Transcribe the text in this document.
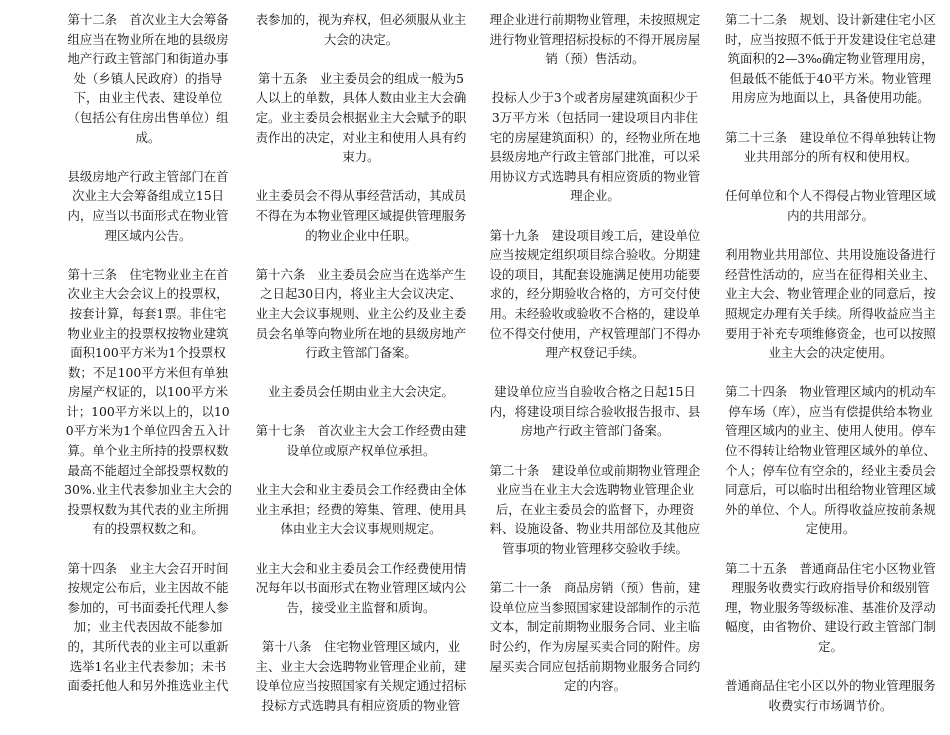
第十二条　首次业主大会筹备组应当在物业所在地的县级房地产行政主管部门和街道办事处（乡镇人民政府）的指导下，由业主代表、建设单位（包括公有住房出售单位）组成。

县级房地产行政主管部门在首次业主大会筹备组成立15日内，应当以书面形式在物业管理区域内公告。

第十三条　住宅物业业主在首次业主大会会议上的投票权，按套计算，每套1票。非住宅物业业主的投票权按物业建筑面积100平方米为1个投票权数；不足100平方米但有单独房屋产权证的，以100平方米计；100平方米以上的，以100平方米为1个单位四舍五入计算。单个业主所持的投票权数最高不能超过全部投票权数的30%.业主代表参加业主大会的投票权数为其代表的业主所拥有的投票权数之和。

第十四条　业主大会召开时间按规定公布后，业主因故不能参加的，可书面委托代理人参加；业主代表因故不能参加的，其所代表的业主可以重新选举1名业主代表参加；未书面委托他人和另外推选业主代

表参加的，视为弃权，但必须服从业主大会的决定。

第十五条　业主委员会的组成一般为5人以上的单数，具体人数由业主大会确定。业主委员会根据业主大会赋予的职责作出的决定，对业主和使用人具有约束力。

业主委员会不得从事经营活动，其成员不得在为本物业管理区域提供管理服务的物业企业中任职。

第十六条　业主委员会应当在选举产生之日起30日内，将业主大会议决定、业主大会议事规则、业主公约及业主委员会名单等向物业所在地的县级房地产行政主管部门备案。

业主委员会任期由业主大会决定。

第十七条　首次业主大会工作经费由建设单位或原产权单位承担。

业主大会和业主委员会工作经费由全体业主承担；经费的筹集、管理、使用具体由业主大会议事规则规定。

业主大会和业主委员会工作经费使用情况每年以书面形式在物业管理区域内公告，接受业主监督和质询。

第十八条　住宅物业管理区域内，业主、业主大会选聘物业管理企业前，建设单位应当按照国家有关规定通过招标投标方式选聘具有相应资质的物业管

理企业进行前期物业管理，未按照规定进行物业管理招标投标的不得开展房屋销（预）售活动。

投标人少于3个或者房屋建筑面积少于3万平方米（包括同一建设项目内非住宅的房屋建筑面积）的，经物业所在地县级房地产行政主管部门批准，可以采用协议方式选聘具有相应资质的物业管理企业。

第十九条　建设项目竣工后，建设单位应当按规定组织项目综合验收。分期建设的项目，其配套设施满足使用功能要求的，经分期验收合格的，方可交付使用。未经验收或验收不合格的，建设单位不得交付使用，产权管理部门不得办理产权登记手续。

建设单位应当自验收合格之日起15日内，将建设项目综合验收报告报市、县房地产行政主管部门备案。

第二十条　建设单位或前期物业管理企业应当在业主大会选聘物业管理企业后，在业主委员会的监督下，办理资料、设施设备、物业共用部位及其他应管事项的物业管理移交验收手续。

第二十一条　商品房销（预）售前，建设单位应当参照国家建设部制作的示范文本，制定前期物业服务合同、业主临时公约，作为房屋买卖合同的附件。房屋买卖合同应包括前期物业服务合同约定的内容。

第二十二条　规划、设计新建住宅小区时，应当按照不低于开发建设住宅总建筑面积的2—3‰确定物业管理用房，但最低不能低于40平方米。物业管理用房应为地面以上，具备使用功能。

第二十三条　建设单位不得单独转让物业共用部分的所有权和使用权。

任何单位和个人不得侵占物业管理区域内的共用部分。

利用物业共用部位、共用设施设备进行经营性活动的，应当在征得相关业主、业主大会、物业管理企业的同意后，按照规定办理有关手续。所得收益应当主要用于补充专项维修资金，也可以按照业主大会的决定使用。

第二十四条　物业管理区域内的机动车停车场（库），应当有偿提供给本物业管理区域内的业主、使用人使用。停车位不得转让给物业管理区域外的单位、个人；停车位有空余的，经业主委员会同意后，可以临时出租给物业管理区域外的单位、个人。所得收益应按前条规定使用。

第二十五条　普通商品住宅小区物业管理服务收费实行政府指导价和级别管理，物业服务等级标准、基准价及浮动幅度，由省物价、建设行政主管部门制定。

普通商品住宅小区以外的物业管理服务收费实行市场调节价。
